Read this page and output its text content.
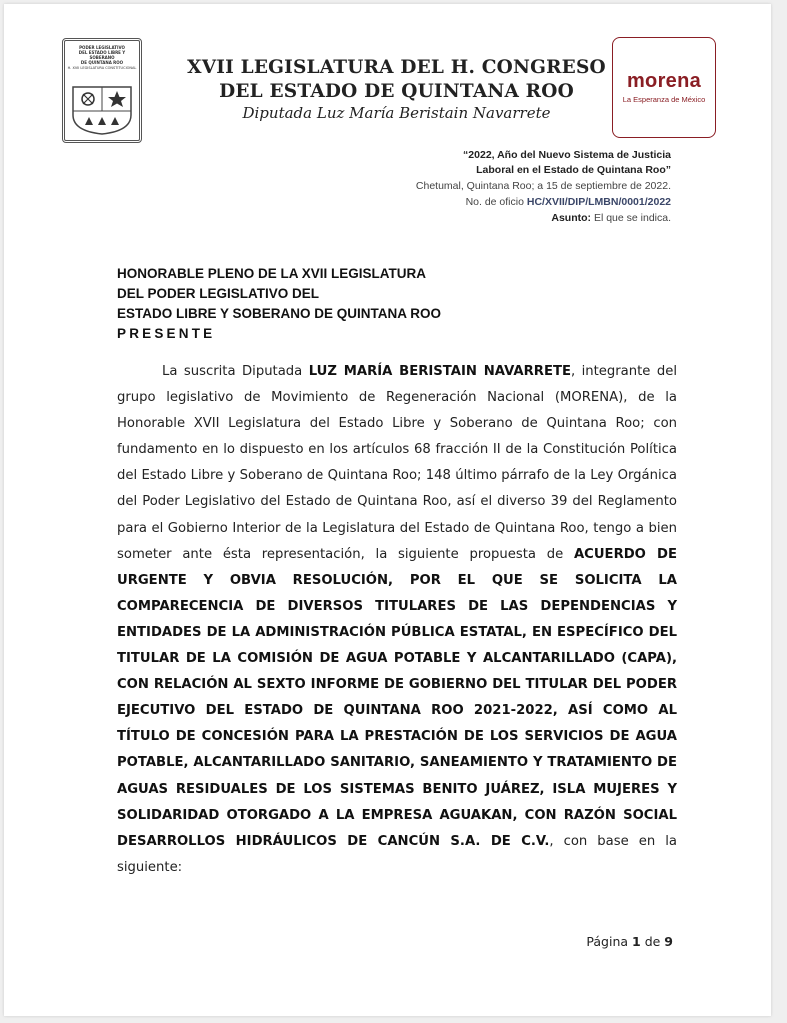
PODER LEGISLATIVO
DEL ESTADO LIBRE Y SOBERANO
DE QUINTANA ROO
H. XVII LEGISLATURA CONSTITUCIONAL	XVII LEGISLATURA DEL H. CONGRESO
DEL ESTADO DE QUINTANA ROO
Diputada Luz María Beristain Navarrete
morena
La Esperanza de México
“2022, Año del Nuevo Sistema de Justicia
Laboral en el Estado de Quintana Roo”
Chetumal, Quintana Roo; a 15 de septiembre de 2022.
No. de oficio HC/XVII/DIP/LMBN/0001/2022
Asunto: El que se indica.
HONORABLE PLENO DE LA XVII LEGISLATURA
DEL PODER LEGISLATIVO DEL
ESTADO LIBRE Y SOBERANO DE QUINTANA ROO
PRESENTE
La suscrita Diputada LUZ MARÍA BERISTAIN NAVARRETE, integrante del grupo legislativo de Movimiento de Regeneración Nacional (MORENA), de la Honorable XVII Legislatura del Estado Libre y Soberano de Quintana Roo; con fundamento en lo dispuesto en los artículos 68 fracción II de la Constitución Política del Estado Libre y Soberano de Quintana Roo; 148 último párrafo de la Ley Orgánica del Poder Legislativo del Estado de Quintana Roo, así el diverso 39 del Reglamento para el Gobierno Interior de la Legislatura del Estado de Quintana Roo, tengo a bien someter ante ésta representación, la siguiente propuesta de ACUERDO DE URGENTE Y OBVIA RESOLUCIÓN, POR EL QUE SE SOLICITA LA COMPARECENCIA DE DIVERSOS TITULARES DE LAS DEPENDENCIAS Y ENTIDADES DE LA ADMINISTRACIÓN PÚBLICA ESTATAL, EN ESPECÍFICO DEL TITULAR DE LA COMISIÓN DE AGUA POTABLE Y ALCANTARILLADO (CAPA), CON RELACIÓN AL SEXTO INFORME DE GOBIERNO DEL TITULAR DEL PODER EJECUTIVO DEL ESTADO DE QUINTANA ROO 2021-2022, ASÍ COMO AL TÍTULO DE CONCESIÓN PARA LA PRESTACIÓN DE LOS SERVICIOS DE AGUA POTABLE, ALCANTARILLADO SANITARIO, SANEAMIENTO Y TRATAMIENTO DE AGUAS RESIDUALES DE LOS SISTEMAS BENITO JUÁREZ, ISLA MUJERES Y SOLIDARIDAD OTORGADO A LA EMPRESA AGUAKAN, CON RAZÓN SOCIAL DESARROLLOS HIDRÁULICOS DE CANCÚN S.A. DE C.V., con base en la siguiente:
Página 1 de 9
